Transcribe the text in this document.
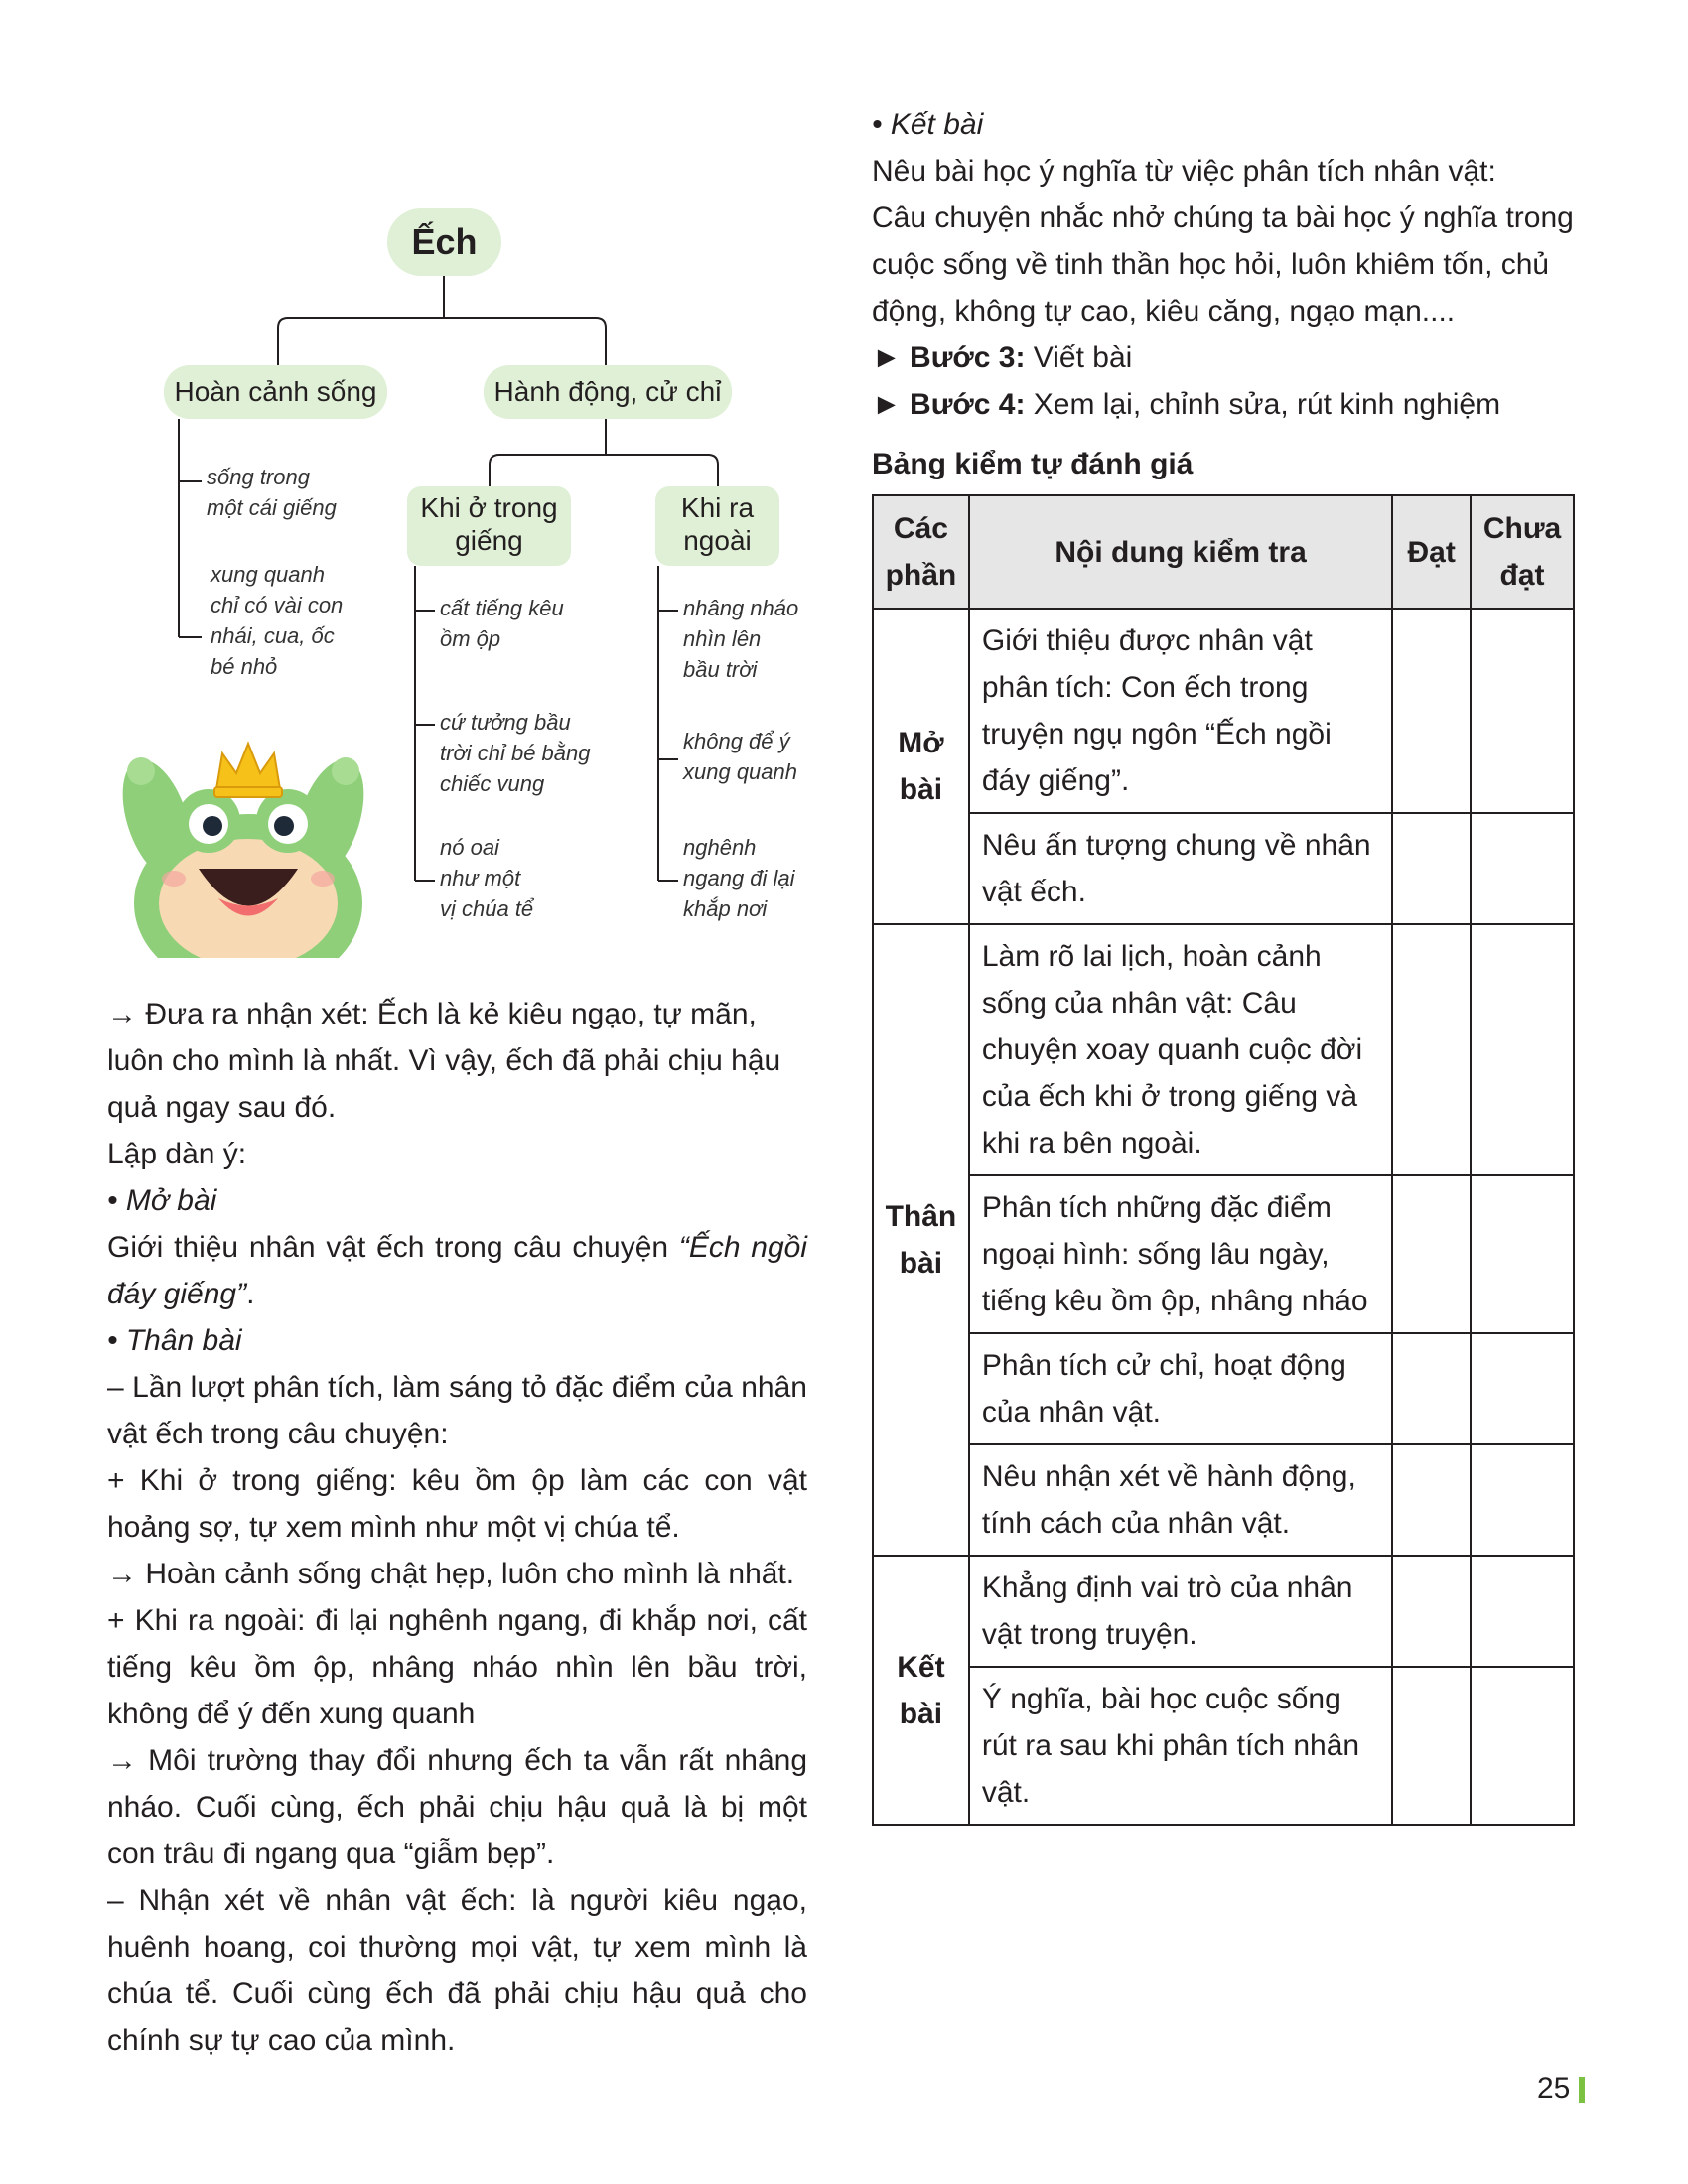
Ếch
Hoàn cảnh sống	Hành động, cử chỉ
Khi ở trong
giếng
Khi ra
ngoài
sống trong
một cái giếng
xung quanh
chỉ có vài con
nhái, cua, ốc
bé nhỏ
cất tiếng kêu
ồm ộp
cứ tưởng bầu
trời chỉ bé bằng
chiếc vung
nó oai
như một
vị chúa tể
nhâng nháo
nhìn lên
bầu trời
không để ý
xung quanh
nghênh
ngang đi lại
khắp nơi

→ Đưa ra nhận xét: Ếch là kẻ kiêu ngạo, tự mãn,

luôn cho mình là nhất. Vì vậy, ếch đã phải chịu hậu

quả ngay sau đó.

Lập dàn ý:

• Mở bài

Giới thiệu nhân vật ếch trong câu chuyện “Ếch ngồi đáy giếng”.

• Thân bài

– Lần lượt phân tích, làm sáng tỏ đặc điểm của nhân vật ếch trong câu chuyện:

+ Khi ở trong giếng: kêu ồm ộp làm các con vật hoảng sợ, tự xem mình như một vị chúa tể.

→ Hoàn cảnh sống chật hẹp, luôn cho mình là nhất.

+ Khi ra ngoài: đi lại nghênh ngang, đi khắp nơi, cất tiếng kêu ồm ộp, nhâng nháo nhìn lên bầu trời, không để ý đến xung quanh

→ Môi trường thay đổi nhưng ếch ta vẫn rất nhâng nháo. Cuối cùng, ếch phải chịu hậu quả là bị một con trâu đi ngang qua “giẫm bẹp”.

– Nhận xét về nhân vật ếch: là người kiêu ngạo, huênh hoang, coi thường mọi vật, tự xem mình là chúa tể. Cuối cùng ếch đã phải chịu hậu quả cho chính sự tự cao của mình.

• Kết bài

Nêu bài học ý nghĩa từ việc phân tích nhân vật:

Câu chuyện nhắc nhở chúng ta bài học ý nghĩa trong

cuộc sống về tinh thần học hỏi, luôn khiêm tốn, chủ

động, không tự cao, kiêu căng, ngạo mạn....

► Bước 3: Viết bài

► Bước 4: Xem lại, chỉnh sửa, rút kinh nghiệm

Bảng kiểm tự đánh giá
Các phần	Nội dung kiểm tra	Đạt	Chưa đạt
Mở bài	Giới thiệu được nhân vật phân tích: Con ếch trong truyện ngụ ngôn “Ếch ngồi đáy giếng”.		
	Nêu ấn tượng chung về nhân vật ếch.		
Thân bài	Làm rõ lai lịch, hoàn cảnh sống của nhân vật: Câu chuyện xoay quanh cuộc đời của ếch khi ở trong giếng và khi ra bên ngoài.		
	Phân tích những đặc điểm ngoại hình: sống lâu ngày, tiếng kêu ồm ộp, nhâng nháo		
	Phân tích cử chỉ, hoạt động của nhân vật.		
	Nêu nhận xét về hành động, tính cách của nhân vật.		
Kết bài	Khẳng định vai trò của nhân vật trong truyện.		
	Ý nghĩa, bài học cuộc sống rút ra sau khi phân tích nhân vật.		
25
